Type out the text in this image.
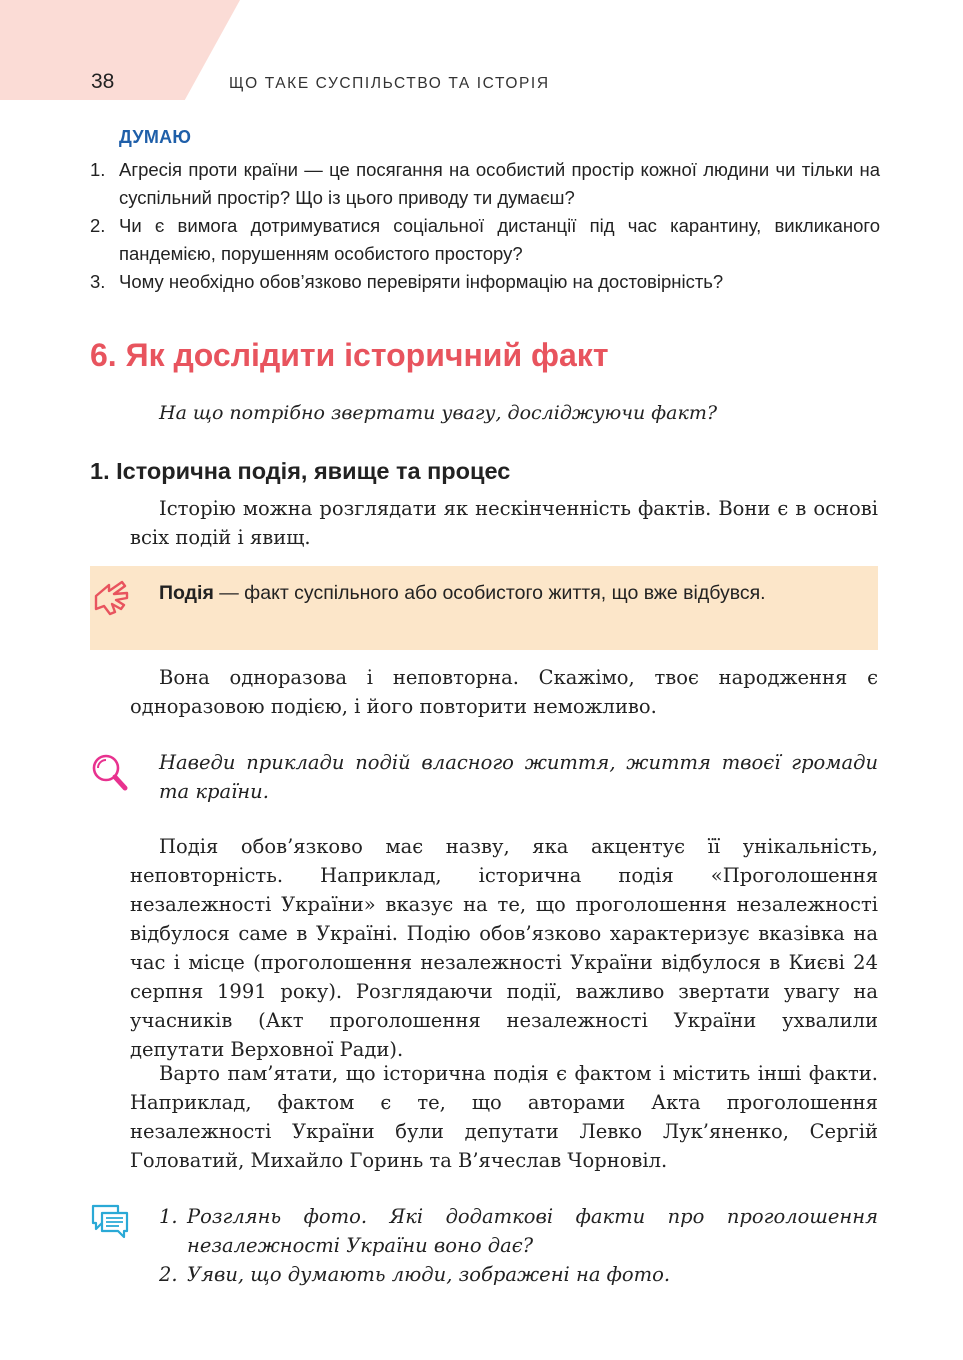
38	ЩО ТАКЕ СУСПІЛЬСТВО ТА ІСТОРІЯ
ДУМАЮ
1. Агресія проти країни — це посягання на особистий простір кожної людини чи тільки на суспільний простір? Що із цього приводу ти думаєш?
2. Чи є вимога дотримуватися соціальної дистанції під час карантину, викликаного пандемією, порушенням особистого простору?
3. Чому необхідно обов’язково перевіряти інформацію на достовірність?
6. Як дослідити історичний факт
На що потрібно звертати увагу, досліджуючи факт?
1. Історична подія, явище та процес

Історію можна розглядати як нескінченність фактів. Вони є в основі всіх подій і явищ.

Подія — факт суспільного або особистого життя, що вже відбувся.

Вона одноразова і неповторна. Скажімо, твоє народження є одноразовою подією, і його повторити неможливо.

Наведи приклади подій власного життя, життя твоєї громади та країни.

Подія обов’язково має назву, яка акцентує її унікальність, неповторність. Наприклад, історична подія «Проголошення незалежності України» вказує на те, що проголошення незалежності відбулося саме в Україні. Подію обов’язково характеризує вказівка на час і місце (проголошення незалежності України відбулося в Києві 24 серпня 1991 року). Розглядаючи події, важливо звертати увагу на учасників (Акт проголошення незалежності України ухвалили депутати Верховної Ради).

Варто пам’ятати, що історична подія є фактом і містить інші факти. Наприклад, фактом є те, що авторами Акта проголошення незалежності України були депутати Левко Лук’яненко, Сергій Головатий, Михайло Горинь та В’ячеслав Чорновіл.

1. Розглянь фото. Які додаткові факти про проголошення незалежності України воно дає?
2. Уяви, що думають люди, зображені на фото.
